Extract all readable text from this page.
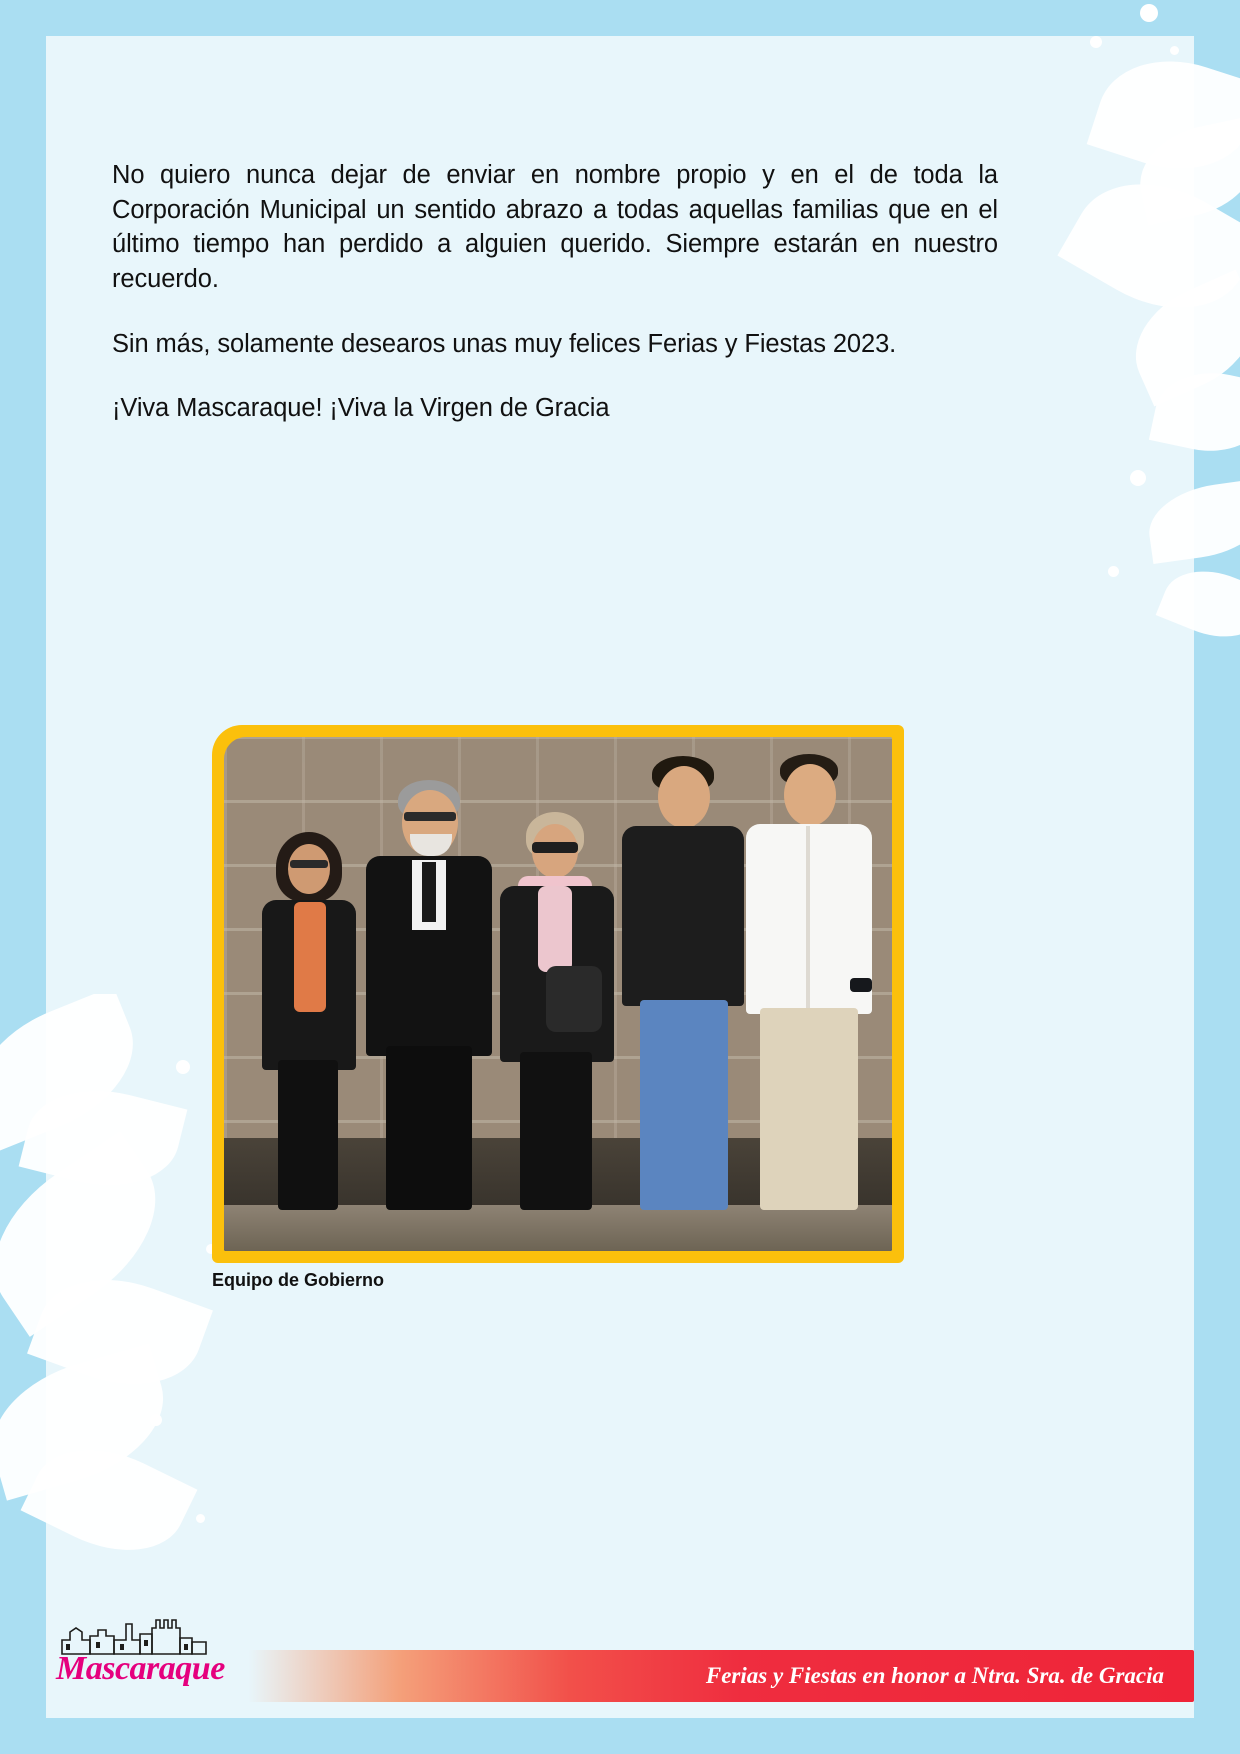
No quiero nunca dejar de enviar en nombre propio y en el de toda la Corporación Municipal un sentido abrazo a todas aquellas familias que en el último tiempo han perdido a alguien querido. Siempre estarán en nuestro recuerdo.

Sin más, solamente desearos unas muy felices Ferias y Fiestas 2023.

¡Viva Mascaraque! ¡Viva la Virgen de Gracia

Equipo de Gobierno
Ferias y Fiestas en honor a Ntra. Sra. de Gracia
Mascaraque
